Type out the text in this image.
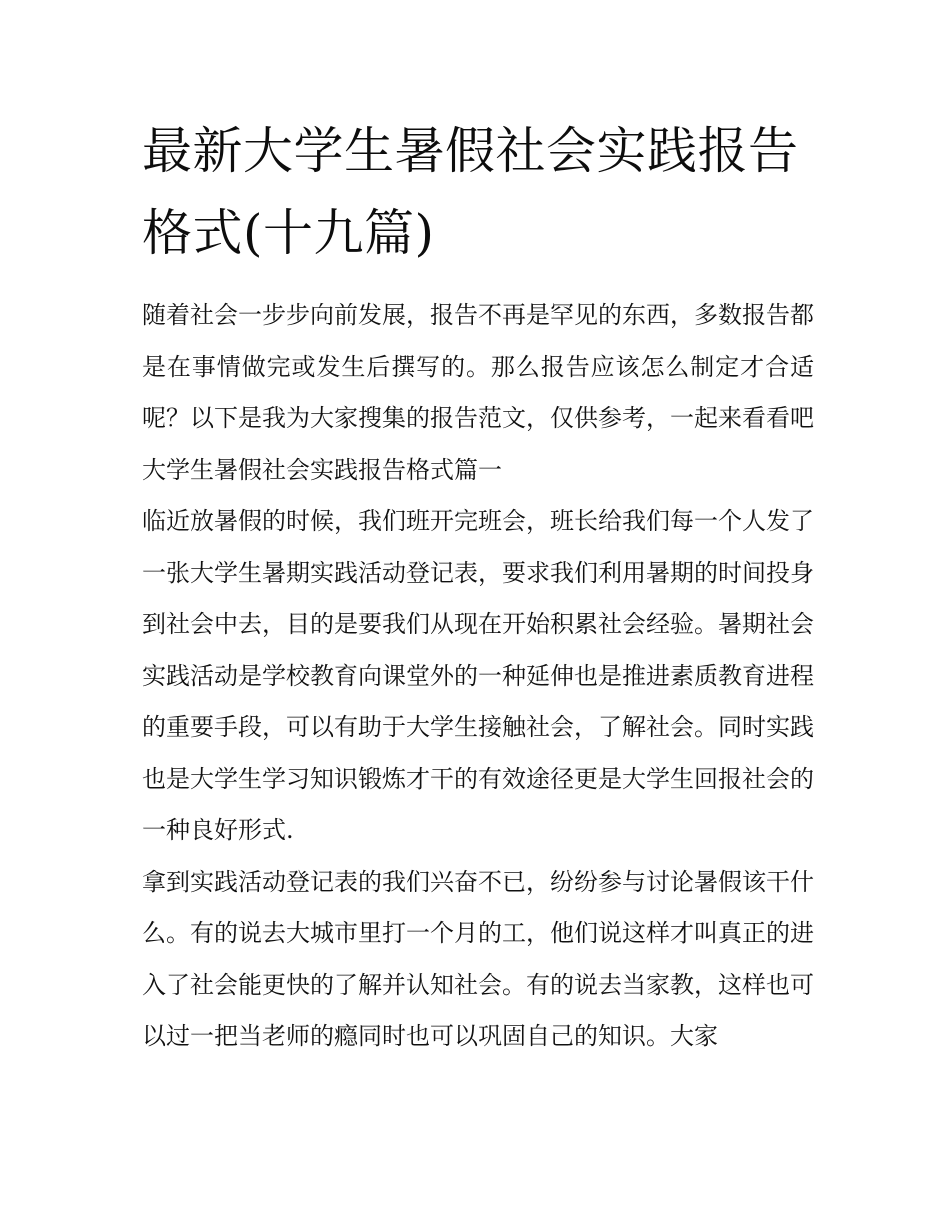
最新大学生暑假社会实践报告格式(十九篇)

随着社会一步步向前发展，报告不再是罕见的东西，多数报告都是在事情做完或发生后撰写的。那么报告应该怎么制定才合适呢？以下是我为大家搜集的报告范文，仅供参考，一起来看看吧

大学生暑假社会实践报告格式篇一

临近放暑假的时候，我们班开完班会，班长给我们每一个人发了一张大学生暑期实践活动登记表，要求我们利用暑期的时间投身到社会中去，目的是要我们从现在开始积累社会经验。暑期社会实践活动是学校教育向课堂外的一种延伸也是推进素质教育进程的重要手段，可以有助于大学生接触社会，了解社会。同时实践也是大学生学习知识锻炼才干的有效途径更是大学生回报社会的一种良好形式.

拿到实践活动登记表的我们兴奋不已，纷纷参与讨论暑假该干什么。有的说去大城市里打一个月的工，他们说这样才叫真正的进入了社会能更快的了解并认知社会。有的说去当家教，这样也可以过一把当老师的瘾同时也可以巩固自己的知识。大家
